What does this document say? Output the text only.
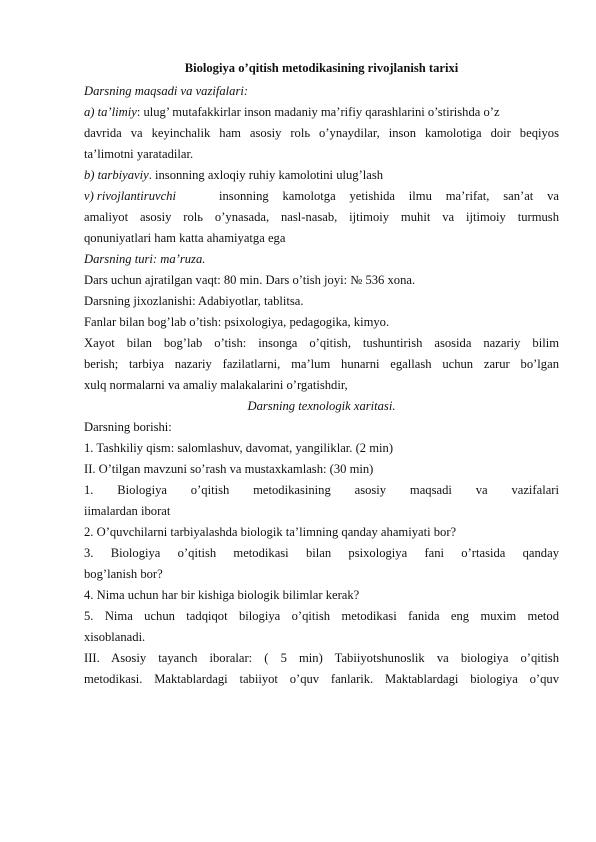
Biologiya o’qitish metodikasining rivojlanish tarixi
Darsning maqsadi va vazifalari:
a) ta’limiy: ulug’ mutafakkirlar inson madaniy ma’rifiy qarashlarini o’stirishda o’z
davrida va keyinchalik ham asosiy rolь o’ynaydilar, inson kamolotiga doir beqiyos
ta’limotni yaratadilar.
b) tarbiyaviy. insonning axloqiy ruhiy kamolotini ulug’lash
v) rivojlantiruvchi	insonning kamolotga yetishida ilmu ma’rifat, san’at va
amaliyot asosiy rolь o’ynasada, nasl-nasab, ijtimoiy muhit va ijtimoiy turmush
qonuniyatlari ham katta ahamiyatga ega
Darsning turi: ma’ruza.
Dars uchun ajratilgan vaqt: 80 min. Dars o’tish joyi: № 536 xona.
Darsning jixozlanishi: Adabiyotlar, tablitsa.
Fanlar bilan bog’lab o’tish: psixologiya, pedagogika, kimyo.
Xayot bilan bog’lab o’tish: insonga o’qitish, tushuntirish asosida nazariy bilim
berish; tarbiya nazariy fazilatlarni, ma’lum hunarni egallash uchun zarur bo’lgan
xulq normalarni va amaliy malakalarini o’rgatishdir,
Darsning texnologik xaritasi.
Darsning borishi:
1. Tashkiliy qism: salomlashuv, davomat, yangiliklar. (2 min)
II. O’tilgan mavzuni so’rash va mustaxkamlash: (30 min)
1. Biologiya o’qitish metodikasining asosiy maqsadi va vazifalari
iimalardan iborat
2. O’quvchilarni tarbiyalashda biologik ta’limning qanday ahamiyati bor?
3. Biologiya o’qitish metodikasi bilan psixologiya fani o’rtasida qanday
bog’lanish bor?
4. Nima uchun har bir kishiga biologik bilimlar kerak?
5. Nima uchun tadqiqot bilogiya o’qitish metodikasi fanida eng muxim metod
xisoblanadi.
III. Asosiy tayanch iboralar: ( 5 min) Tabiiyotshunoslik va biologiya o’qitish
metodikasi. Maktablardagi tabiiyot o’quv fanlarik. Maktablardagi biologiya o’quv
